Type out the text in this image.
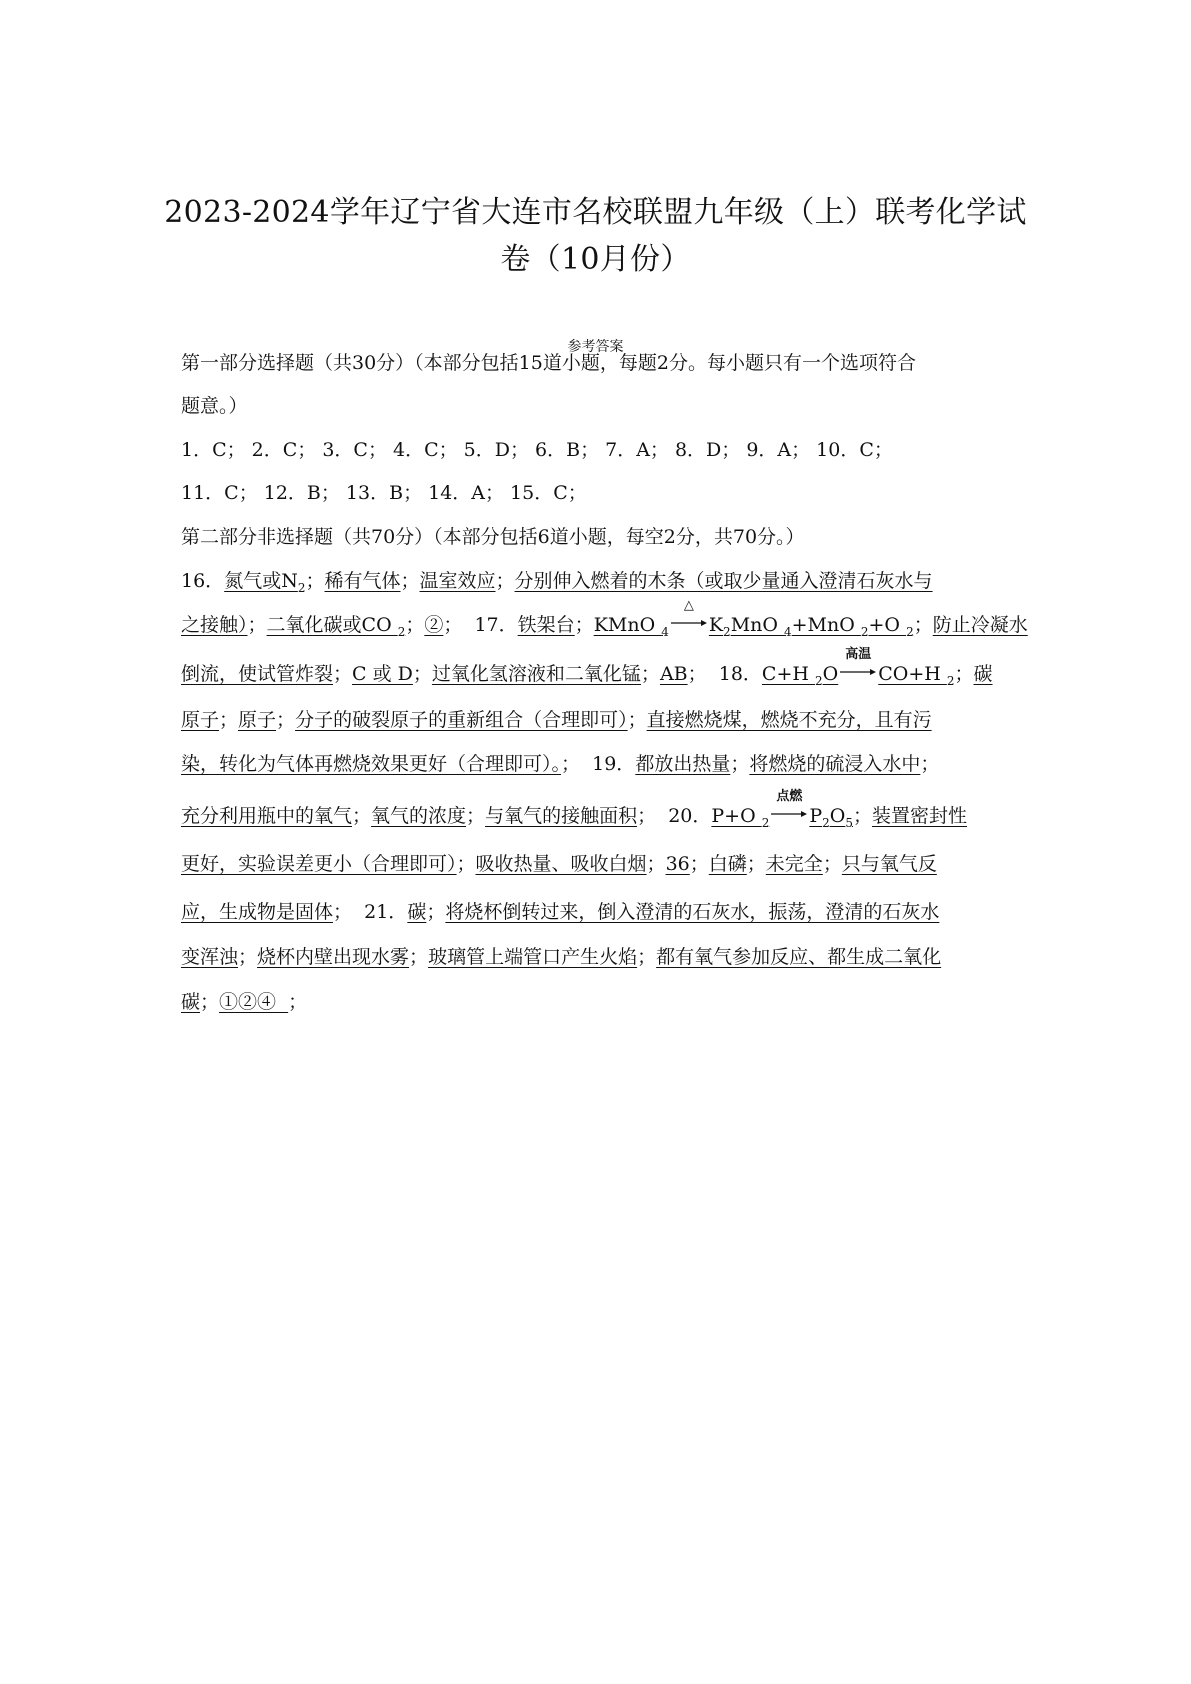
2023-2024学年辽宁省大连市名校联盟九年级（上）联考化学试
卷（10月份）
参考答案
第一部分选择题（共30分）（本部分包括15道小题，每题2分。每小题只有一个选项符合
题意。）
1．C； 2．C； 3．C； 4．C； 5．D； 6．B； 7．A； 8．D； 9．A； 10．C；
11．C； 12．B； 13．B； 14．A； 15．C；
第二部分非选择题（共70分）（本部分包括6道小题，每空2分，共70分。）
16．氮气或$N_2$；稀有气体；温室效应；分别伸入燃着的木条（或取少量通入澄清石灰水与
之接触）；二氧化碳或CO $_2$；②； 17．铁架台；KMnO $_4$
△
$K_2MnO$ $_4$+MnO $_2$+O $_2$；防止冷凝水
倒流，使试管炸裂；C 或 D；过氧化氢溶液和二氧化锰；AB； 18．C+H $_2$O
高温
CO+H $_2$；碳
原子；原子；分子的破裂原子的重新组合（合理即可）；直接燃烧煤，燃烧不充分，且有污
染，转化为气体再燃烧效果更好（合理即可）。； 19．都放出热量；将燃烧的硫浸入水中；
充分利用瓶中的氧气；氧气的浓度；与氧气的接触面积； 20．P+O $_2$
点燃
$P_2O_5$；装置密封性
更好，实验误差更小（合理即可）；吸收热量、吸收白烟；36；白磷；未完全；只与氧气反
应，生成物是固体； 21．碳；将烧杯倒转过来，倒入澄清的石灰水，振荡，澄清的石灰水
变浑浊；烧杯内壁出现水雾；玻璃管上端管口产生火焰；都有氧气参加反应、都生成二氧化
碳；①②④  ；
